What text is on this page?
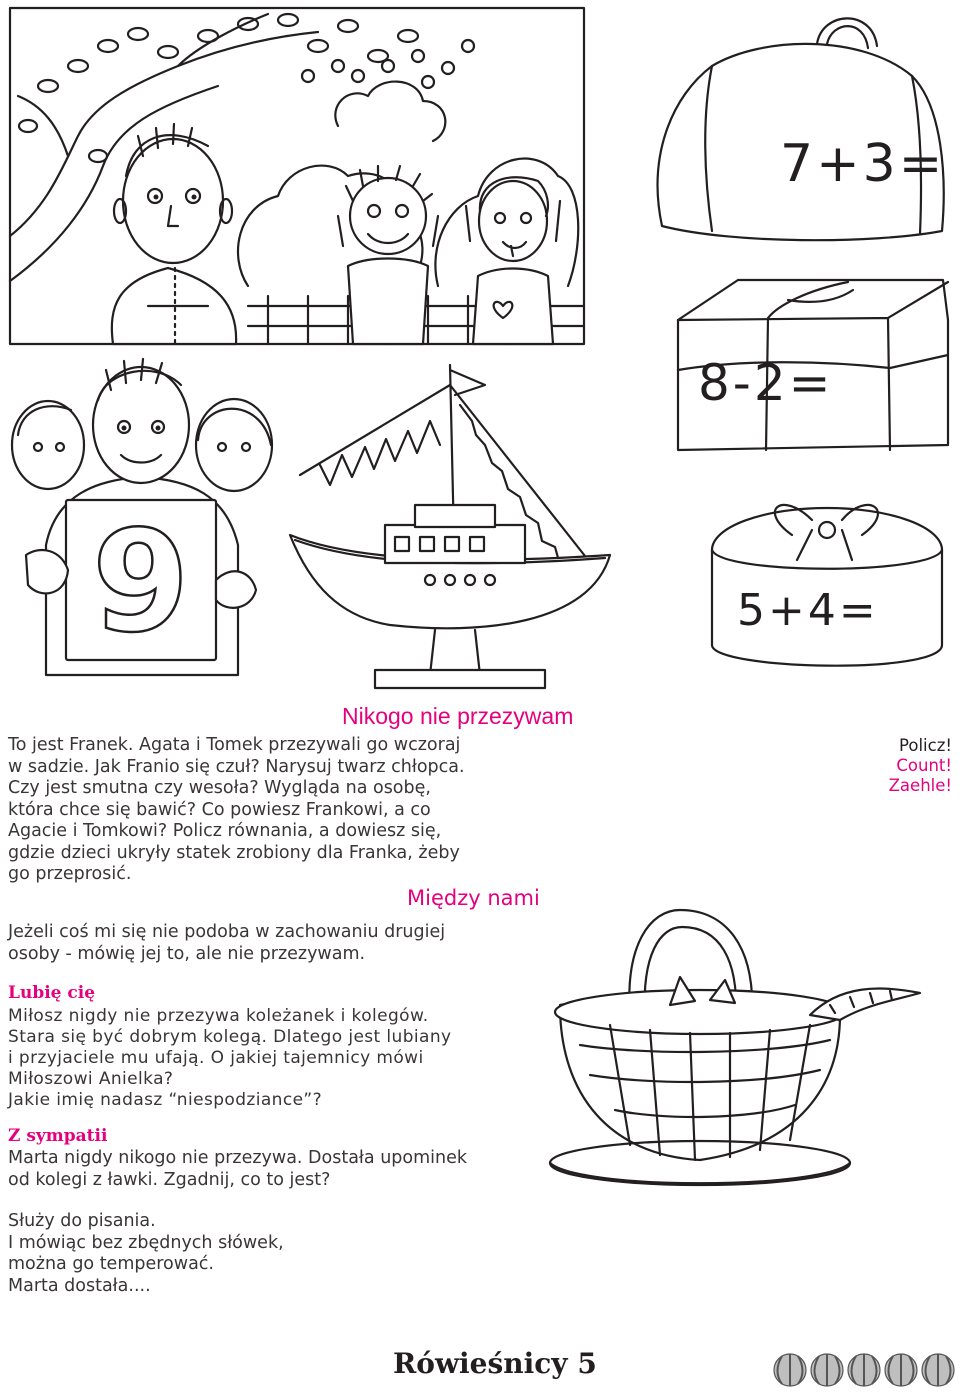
7+3=
8-2=
5+4=
9
Nikogo nie przezywam
To jest Franek. Agata i Tomek przezywali go wczoraj
w sadzie. Jak Franio się czuł? Narysuj twarz chłopca.
Czy jest smutna czy wesoła? Wygląda na osobę,
która chce się bawić? Co powiesz Frankowi, a co
Agacie i Tomkowi? Policz równania, a dowiesz się,
gdzie dzieci ukryły statek zrobiony dla Franka, żeby
go przeprosić.
Między nami
Jeżeli coś mi się nie podoba w zachowaniu drugiej
osoby - mówię jej to, ale nie przezywam.
Policz!
Count!
Zaehle!
Lubię cię
Miłosz nigdy nie przezywa koleżanek i kolegów.
Stara się być dobrym kolegą. Dlatego jest lubiany
i przyjaciele mu ufają. O jakiej tajemnicy mówi
Miłoszowi Anielka?
Jakie imię nadasz “niespodziance”?
Z sympatii
Marta nigdy nikogo nie przezywa. Dostała upominek
od kolegi z ławki. Zgadnij, co to jest?
Służy do pisania.
I mówiąc bez zbędnych słówek,
można go temperować.
Marta dostała....
Rówieśnicy 5
